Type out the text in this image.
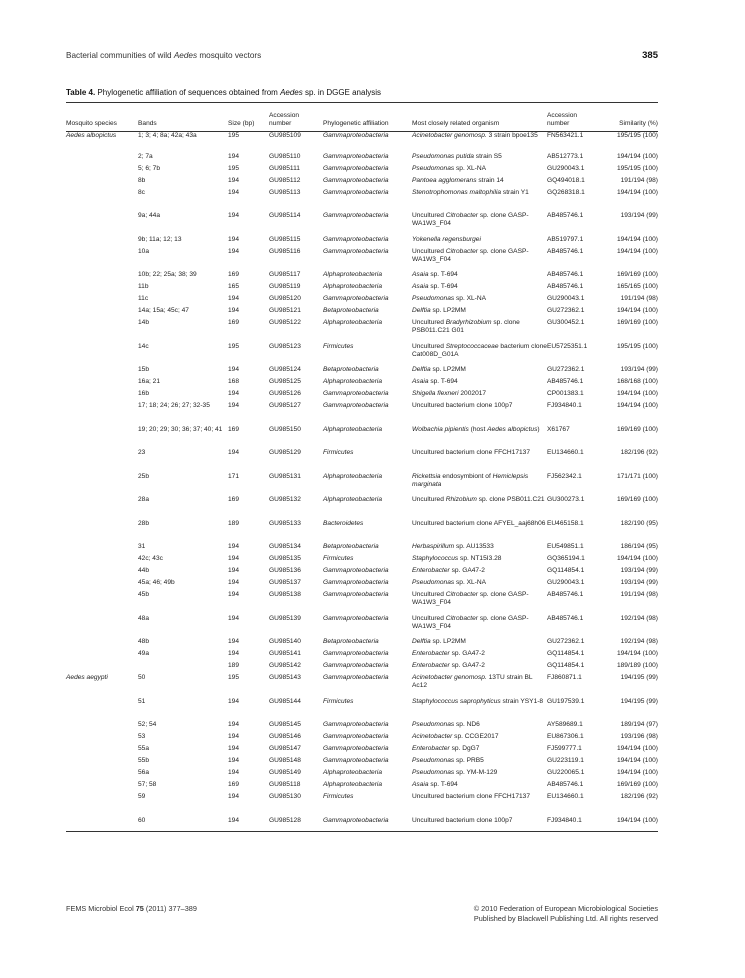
Bacterial communities of wild Aedes mosquito vectors	385
Table 4. Phylogenetic affiliation of sequences obtained from Aedes sp. in DGGE analysis
Mosquito species	Bands	Size (bp)	Accession
number	Phylogenetic affiliation	Most closely related organism	Accession
number	Similarity (%)
Aedes albopictus	1; 3; 4; 8a; 42a; 43a	195	GU985109	Gammaproteobacteria	Acinetobacter genomosp. 3 strain bpoe135	FN563421.1	195/195 (100)
	2; 7a	194	GU985110	Gammaproteobacteria	Pseudomonas putida strain S5	AB512773.1	194/194 (100)
	5; 6; 7b	195	GU985111	Gammaproteobacteria	Pseudomonas sp. XL-NA	GU290043.1	195/195 (100)
	8b	194	GU985112	Gammaproteobacteria	Pantoea agglomerans strain 14	GQ494018.1	191/194 (98)
	8c	194	GU985113	Gammaproteobacteria	Stenotrophomonas maltophilia strain Y1	GQ268318.1	194/194 (100)
	9a; 44a	194	GU985114	Gammaproteobacteria	Uncultured Citrobacter sp. clone GASP-WA1W3_F04	AB485746.1	193/194 (99)
	9b; 11a; 12; 13	194	GU985115	Gammaproteobacteria	Yokenella regensburgei	AB519797.1	194/194 (100)
	10a	194	GU985116	Gammaproteobacteria	Uncultured Citrobacter sp. clone GASP-WA1W3_F04	AB485746.1	194/194 (100)
	10b; 22; 25a; 38; 39	169	GU985117	Alphaproteobacteria	Asaia sp. T-694	AB485746.1	169/169 (100)
	11b	165	GU985119	Alphaproteobacteria	Asaia sp. T-694	AB485746.1	165/165 (100)
	11c	194	GU985120	Gammaproteobacteria	Pseudomonas sp. XL-NA	GU290043.1	191/194 (98)
	14a; 15a; 45c; 47	194	GU985121	Betaproteobacteria	Delftia sp. LP2MM	GU272362.1	194/194 (100)
	14b	169	GU985122	Alphaproteobacteria	Uncultured Bradyrhizobium sp. clone PSB011.C21 G01	GU300452.1	169/169 (100)
	14c	195	GU985123	Firmicutes	Uncultured Streptococcaceae bacterium clone Cat008D_G01A	EU5725351.1	195/195 (100)
	15b	194	GU985124	Betaproteobacteria	Delftia sp. LP2MM	GU272362.1	193/194 (99)
	16a; 21	168	GU985125	Alphaproteobacteria	Asaia sp. T-694	AB485746.1	168/168 (100)
	16b	194	GU985126	Gammaproteobacteria	Shigella flexneri 2002017	CP001383.1	194/194 (100)
	17; 18; 24; 26; 27; 32-35	194	GU985127	Gammaproteobacteria	Uncultured bacterium clone 100p7	FJ934840.1	194/194 (100)
	19; 20; 29; 30; 36; 37; 40; 41	169	GU985150	Alphaproteobacteria	Wolbachia pipientis (host Aedes albopictus)	X61767	169/169 (100)
	23	194	GU985129	Firmicutes	Uncultured bacterium clone FFCH17137	EU134660.1	182/196 (92)
	25b	171	GU985131	Alphaproteobacteria	Rickettsia endosymbiont of Hemiclepsis marginata	FJ562342.1	171/171 (100)
	28a	169	GU985132	Alphaproteobacteria	Uncultured Rhizobium sp. clone PSB011.C21	GU300273.1	169/169 (100)
	28b	189	GU985133	Bacteroidetes	Uncultured bacterium clone AFYEL_aaj68h06	EU465158.1	182/190 (95)
	31	194	GU985134	Betaproteobacteria	Herbaspirillum sp. AU13533	EU549851.1	186/194 (95)
	42c; 43c	194	GU985135	Firmicutes	Staphylococcus sp. NT15I3.28	GQ365194.1	194/194 (100)
	44b	194	GU985136	Gammaproteobacteria	Enterobacter sp. GA47-2	GQ114854.1	193/194 (99)
	45a; 46; 49b	194	GU985137	Gammaproteobacteria	Pseudomonas sp. XL-NA	GU290043.1	193/194 (99)
	45b	194	GU985138	Gammaproteobacteria	Uncultured Citrobacter sp. clone GASP-WA1W3_F04	AB485746.1	191/194 (98)
	48a	194	GU985139	Gammaproteobacteria	Uncultured Citrobacter sp. clone GASP-WA1W3_F04	AB485746.1	192/194 (98)
	48b	194	GU985140	Betaproteobacteria	Delftia sp. LP2MM	GU272362.1	192/194 (98)
	49a	194	GU985141	Gammaproteobacteria	Enterobacter sp. GA47-2	GQ114854.1	194/194 (100)
		189	GU985142	Gammaproteobacteria	Enterobacter sp. GA47-2	GQ114854.1	189/189 (100)
Aedes aegypti	50	195	GU985143	Gammaproteobacteria	Acinetobacter genomosp. 13TU strain BL Ac12	FJ860871.1	194/195 (99)
	51	194	GU985144	Firmicutes	Staphylococcus saprophyticus strain YSY1-8	GU197539.1	194/195 (99)
	52; 54	194	GU985145	Gammaproteobacteria	Pseudomonas sp. ND6	AY589689.1	189/194 (97)
	53	194	GU985146	Gammaproteobacteria	Acinetobacter sp. CCGE2017	EU867306.1	193/196 (98)
	55a	194	GU985147	Gammaproteobacteria	Enterobacter sp. DgG7	FJ599777.1	194/194 (100)
	55b	194	GU985148	Gammaproteobacteria	Pseudomonas sp. PRB5	GU223119.1	194/194 (100)
	56a	194	GU985149	Alphaproteobacteria	Pseudomonas sp. YM-M-129	GU220065.1	194/194 (100)
	57; 58	169	GU985118	Alphaproteobacteria	Asaia sp. T-694	AB485746.1	169/169 (100)
	59	194	GU985130	Firmicutes	Uncultured bacterium clone FFCH17137	EU134660.1	182/196 (92)
	60	194	GU985128	Gammaproteobacteria	Uncultured bacterium clone 100p7	FJ934840.1	194/194 (100)
FEMS Microbiol Ecol 75 (2011) 377–389	© 2010 Federation of European Microbiological Societies
Published by Blackwell Publishing Ltd. All rights reserved
